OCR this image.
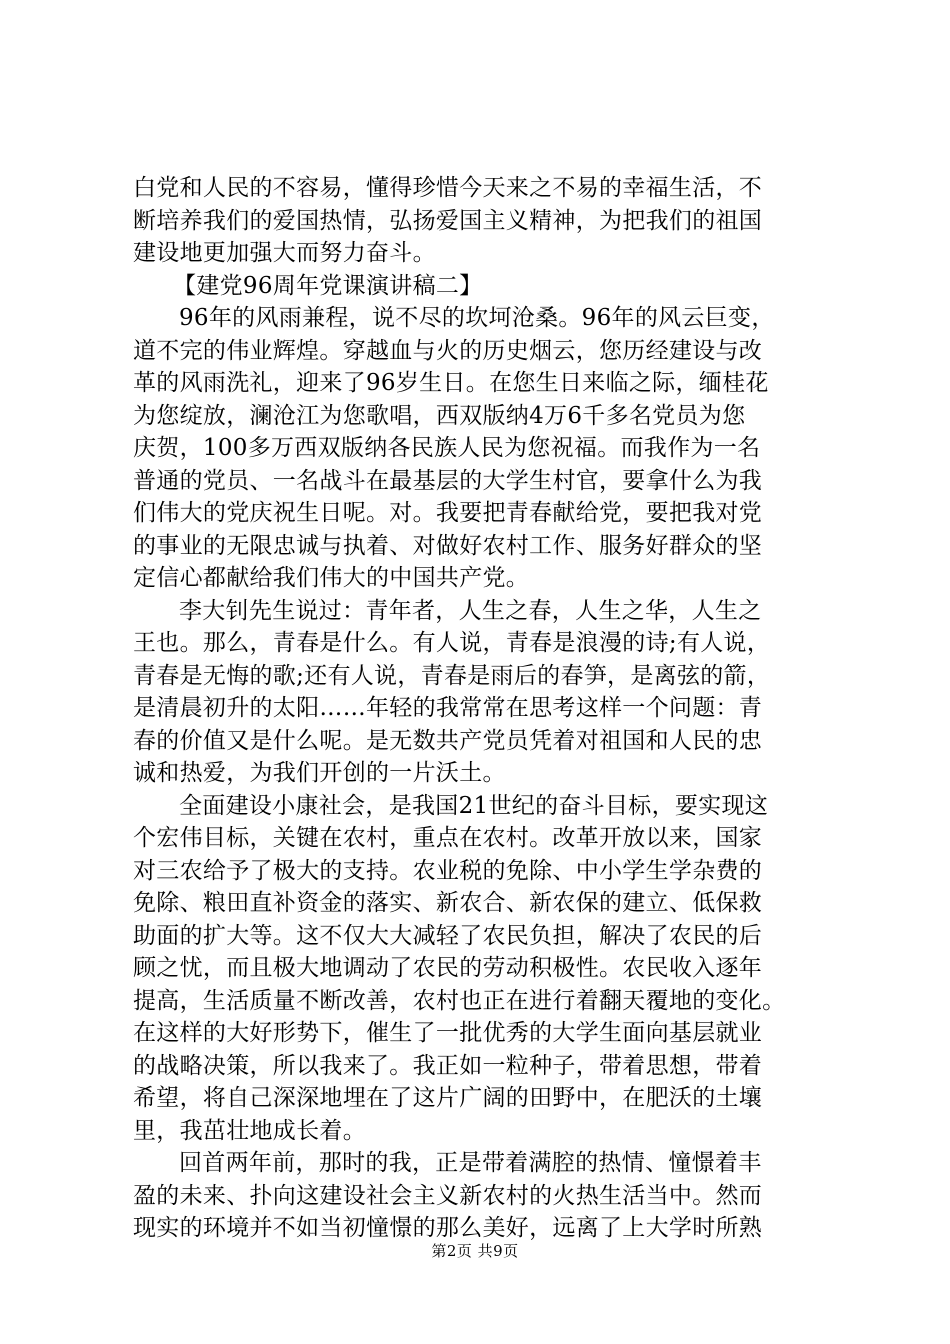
白党和人民的不容易，懂得珍惜今天来之不易的幸福生活，不
断培养我们的爱国热情，弘扬爱国主义精神，为把我们的祖国
建设地更加强大而努力奋斗。
【建党96周年党课演讲稿二】
96年的风雨兼程，说不尽的坎坷沧桑。96年的风云巨变，
道不完的伟业辉煌。穿越血与火的历史烟云，您历经建设与改
革的风雨洗礼，迎来了96岁生日。在您生日来临之际，缅桂花
为您绽放，澜沧江为您歌唱，西双版纳4万6千多名党员为您
庆贺，100多万西双版纳各民族人民为您祝福。而我作为一名
普通的党员、一名战斗在最基层的大学生村官，要拿什么为我
们伟大的党庆祝生日呢。对。我要把青春献给党，要把我对党
的事业的无限忠诚与执着、对做好农村工作、服务好群众的坚
定信心都献给我们伟大的中国共产党。
李大钊先生说过：青年者，人生之春，人生之华，人生之
王也。那么，青春是什么。有人说，青春是浪漫的诗;有人说，
青春是无悔的歌;还有人说，青春是雨后的春笋，是离弦的箭，
是清晨初升的太阳……年轻的我常常在思考这样一个问题：青
春的价值又是什么呢。是无数共产党员凭着对祖国和人民的忠
诚和热爱，为我们开创的一片沃土。
全面建设小康社会，是我国21世纪的奋斗目标，要实现这
个宏伟目标，关键在农村，重点在农村。改革开放以来，国家
对三农给予了极大的支持。农业税的免除、中小学生学杂费的
免除、粮田直补资金的落实、新农合、新农保的建立、低保救
助面的扩大等。这不仅大大减轻了农民负担，解决了农民的后
顾之忧，而且极大地调动了农民的劳动积极性。农民收入逐年
提高，生活质量不断改善，农村也正在进行着翻天覆地的变化。
在这样的大好形势下，催生了一批优秀的大学生面向基层就业
的战略决策，所以我来了。我正如一粒种子，带着思想，带着
希望，将自己深深地埋在了这片广阔的田野中，在肥沃的土壤
里，我茁壮地成长着。
回首两年前，那时的我，正是带着满腔的热情、憧憬着丰
盈的未来、扑向这建设社会主义新农村的火热生活当中。然而
现实的环境并不如当初憧憬的那么美好，远离了上大学时所熟
第2页 共9页
